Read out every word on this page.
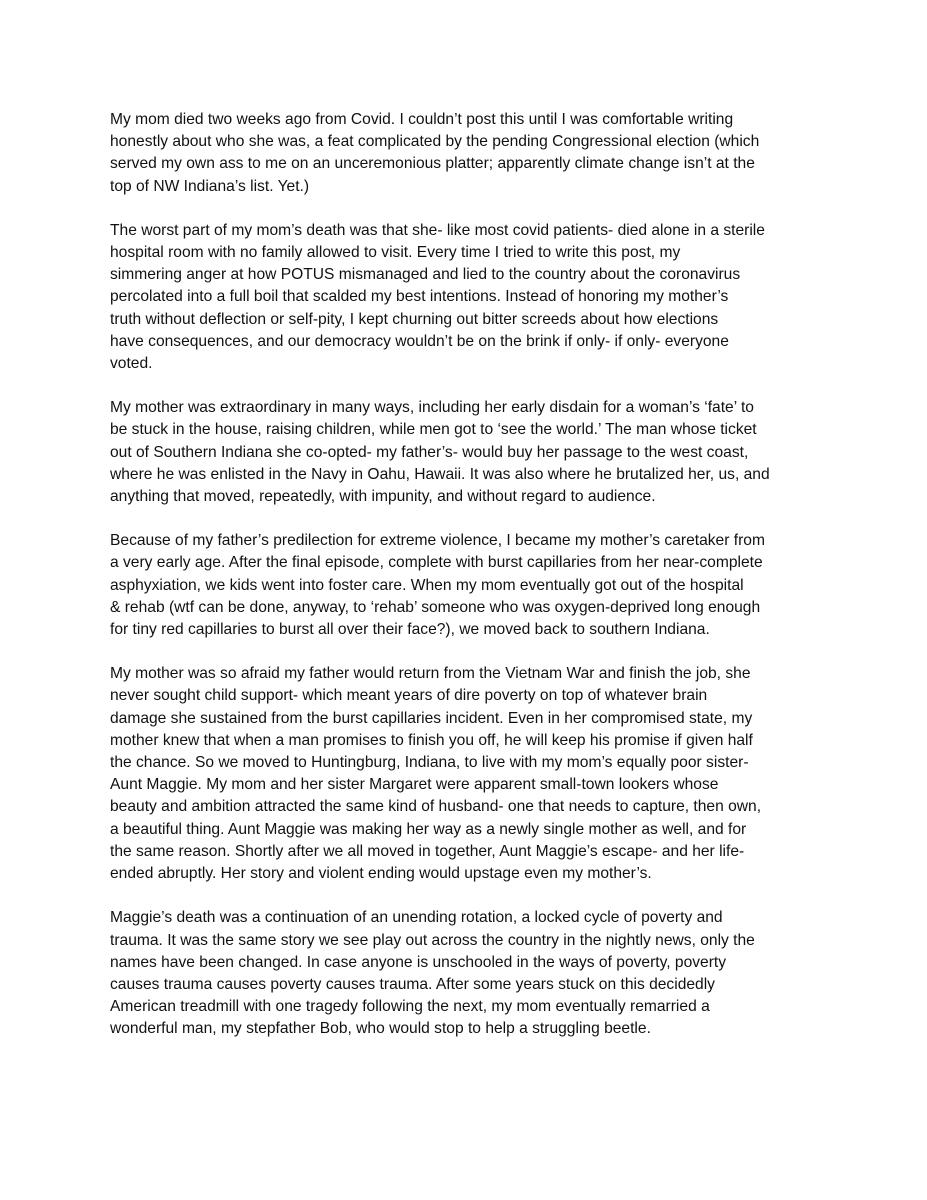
My mom died two weeks ago from Covid. I couldn’t post this until I was comfortable writing
honestly about who she was, a feat complicated by the pending Congressional election (which
served my own ass to me on an unceremonious platter; apparently climate change isn’t at the
top of NW Indiana’s list. Yet.)

The worst part of my mom’s death was that she- like most covid patients- died alone in a sterile
hospital room with no family allowed to visit. Every time I tried to write this post, my
simmering anger at how POTUS mismanaged and lied to the country about the coronavirus
percolated into a full boil that scalded my best intentions. Instead of honoring my mother’s
truth without deflection or self-pity, I kept churning out bitter screeds about how elections
have consequences, and our democracy wouldn’t be on the brink if only- if only- everyone
voted.

My mother was extraordinary in many ways, including her early disdain for a woman’s ‘fate’ to
be stuck in the house, raising children, while men got to ‘see the world.’ The man whose ticket
out of Southern Indiana she co-opted- my father’s- would buy her passage to the west coast,
where he was enlisted in the Navy in Oahu, Hawaii. It was also where he brutalized her, us, and
anything that moved, repeatedly, with impunity, and without regard to audience.

Because of my father’s predilection for extreme violence, I became my mother’s caretaker from
a very early age. After the final episode, complete with burst capillaries from her near-complete
asphyxiation, we kids went into foster care. When my mom eventually got out of the hospital
& rehab (wtf can be done, anyway, to ‘rehab’ someone who was oxygen-deprived long enough
for tiny red capillaries to burst all over their face?), we moved back to southern Indiana.

My mother was so afraid my father would return from the Vietnam War and finish the job, she
never sought child support- which meant years of dire poverty on top of whatever brain
damage she sustained from the burst capillaries incident. Even in her compromised state, my
mother knew that when a man promises to finish you off, he will keep his promise if given half
the chance. So we moved to Huntingburg, Indiana, to live with my mom’s equally poor sister-
Aunt Maggie. My mom and her sister Margaret were apparent small-town lookers whose
beauty and ambition attracted the same kind of husband- one that needs to capture, then own,
a beautiful thing. Aunt Maggie was making her way as a newly single mother as well, and for
the same reason. Shortly after we all moved in together, Aunt Maggie’s escape- and her life-
ended abruptly. Her story and violent ending would upstage even my mother’s.

Maggie’s death was a continuation of an unending rotation, a locked cycle of poverty and
trauma. It was the same story we see play out across the country in the nightly news, only the
names have been changed. In case anyone is unschooled in the ways of poverty, poverty
causes trauma causes poverty causes trauma. After some years stuck on this decidedly
American treadmill with one tragedy following the next, my mom eventually remarried a
wonderful man, my stepfather Bob, who would stop to help a struggling beetle.
